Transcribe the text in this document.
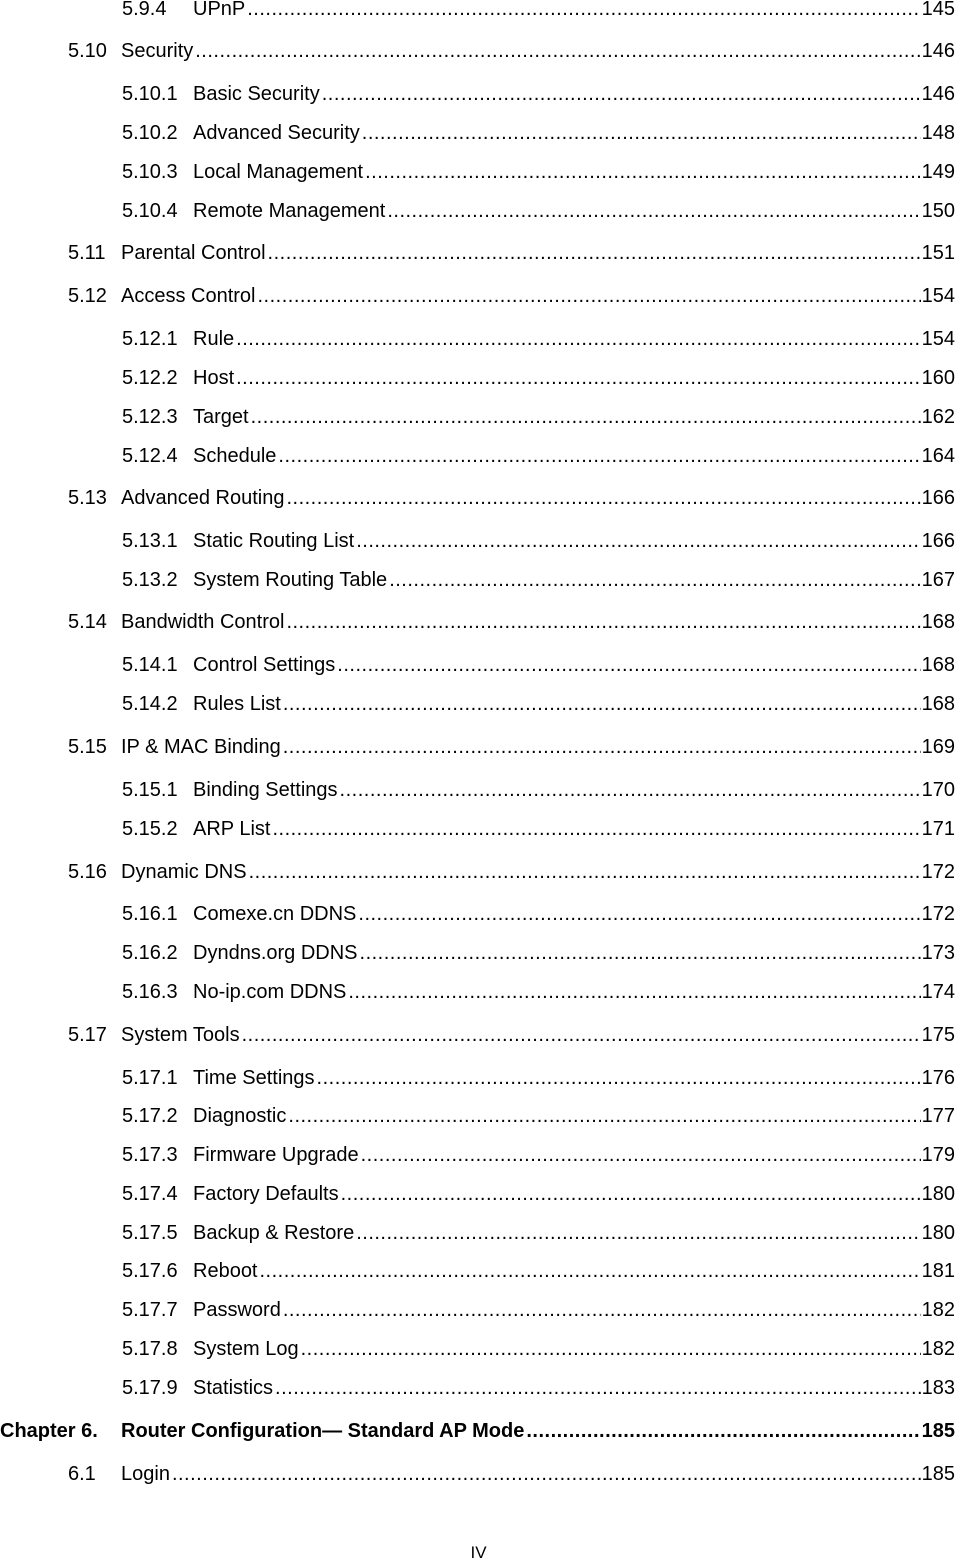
5.9.4	UPnP .....	145
5.10 Security .....	146
5.10.1 Basic Security .....	146
5.10.2 Advanced Security .....	148
5.10.3 Local Management .....	149
5.10.4 Remote Management .....	150
5.11 Parental Control .....	151
5.12 Access Control .....	154
5.12.1 Rule .....	154
5.12.2 Host .....	160
5.12.3 Target .....	162
5.12.4 Schedule .....	164
5.13 Advanced Routing .....	166
5.13.1 Static Routing List .....	166
5.13.2 System Routing Table .....	167
5.14 Bandwidth Control .....	168
5.14.1 Control Settings .....	168
5.14.2 Rules List .....	168
5.15 IP & MAC Binding .....	169
5.15.1 Binding Settings .....	170
5.15.2 ARP List .....	171
5.16 Dynamic DNS .....	172
5.16.1 Comexe.cn DDNS .....	172
5.16.2 Dyndns.org DDNS .....	173
5.16.3 No-ip.com DDNS .....	174
5.17 System Tools .....	175
5.17.1 Time Settings .....	176
5.17.2 Diagnostic .....	177
5.17.3 Firmware Upgrade .....	179
5.17.4 Factory Defaults .....	180
5.17.5 Backup & Restore .....	180
5.17.6 Reboot .....	181
5.17.7 Password .....	182
5.17.8 System Log .....	182
5.17.9 Statistics .....	183
Chapter 6.	Router Configuration— Standard AP Mode .....	185
6.1	Login .....	185
IV
